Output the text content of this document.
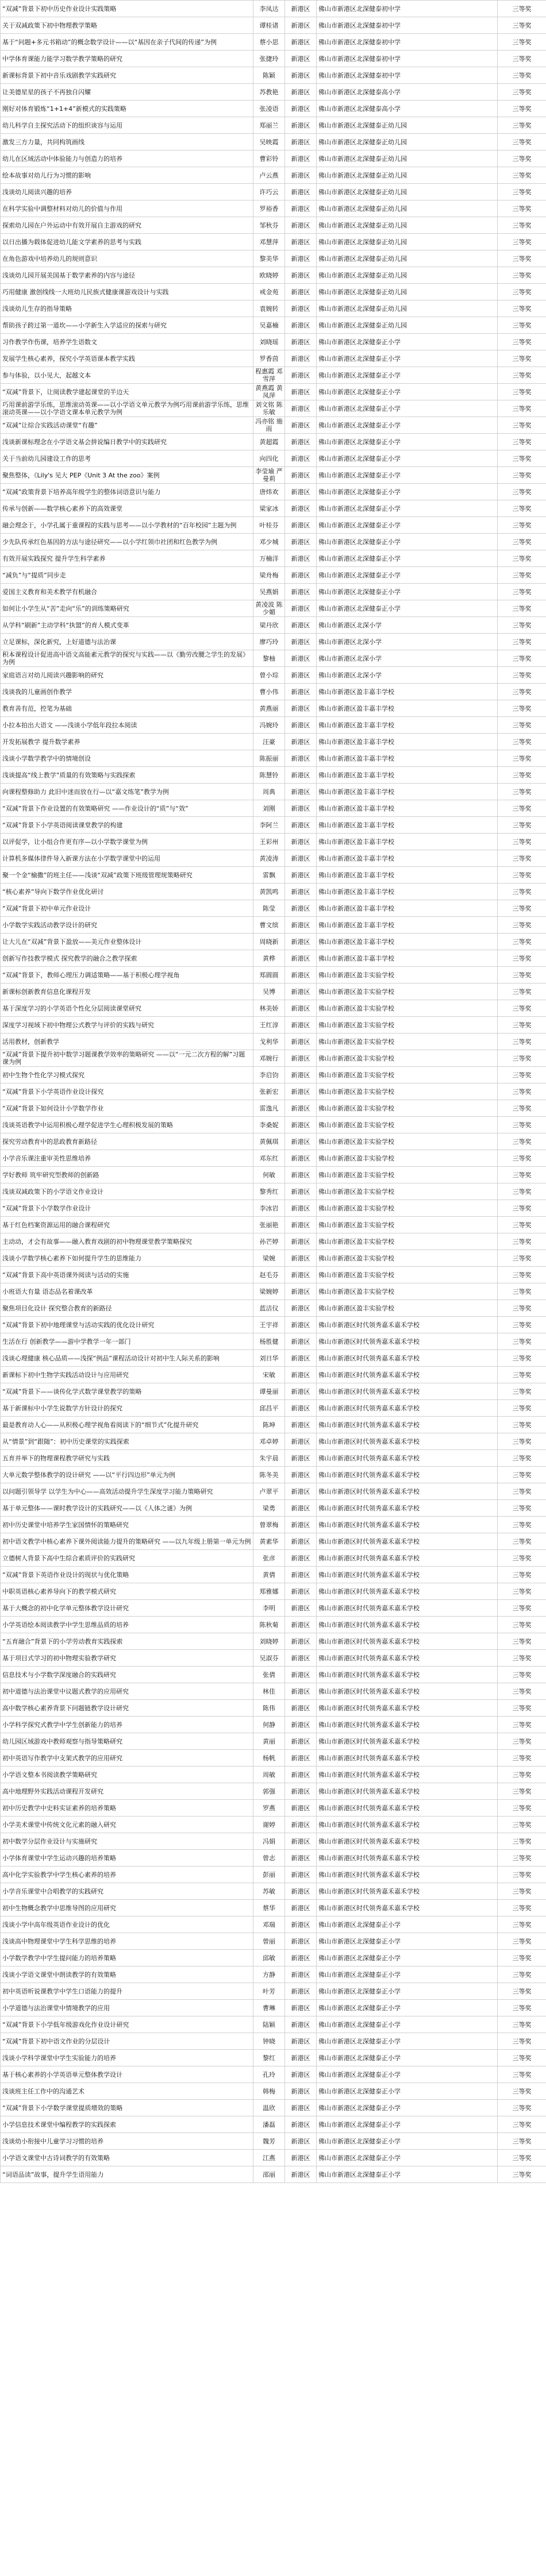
“双减”背景下初中历史作业设计实践策略	李凤达	新港区	佛山市新港区北深健泰初中学	三等奖
关于双减政策下初中物理教学策略	谭桂诸	新港区	佛山市新港区北深健泰初中学	三等奖
基于“问题+多元书箱动”的概念数学设计——以“基因在亲子代间的传递”为例	蔡小思	新港区	佛山市新港区北深健泰初中学	三等奖
中学体育课能力能学习数学教学策略的研究	张捷玲	新港区	佛山市新港区北深健泰初中学	三等奖
新课标背景下初中音乐戏剧教学实践研究	陈颖	新港区	佛山市新港区北深健泰初中学	三等奖
让美德星星的孩子不再独自闪耀	苏教艳	新港区	佛山市新港区北深健泰高小学	三等奖
刚好对体育锻炼“1+1+4”新模式的实践策略	张凌语	新港区	佛山市新港区北深健泰高小学	三等奖
幼儿科学自主探究活动下的组织谈容与运用	郑丽兰	新港区	佛山市新港区北深健泰正幼儿园	三等奖
激发三方力量，共同构筑画线	吴映霞	新港区	佛山市新港区北深健泰正幼儿园	三等奖
幼儿在区域活动中体验能力与创造力的培养	曹彩铃	新港区	佛山市新港区北深健泰正幼儿园	三等奖
绘本故事对幼儿行为习惯的影响	卢云燕	新港区	佛山市新港区北深健泰正幼儿园	三等奖
浅谈幼儿阅读兴趣的培养	许巧云	新港区	佛山市新港区北深健泰正幼儿园	三等奖
在科学实验中调整材料对幼儿的价值与作用	罗裕香	新港区	佛山市新港区北深健泰正幼儿园	三等奖
探索幼儿园在户外运动中有效开展自主游戏的研究	邹秋芬	新港区	佛山市新港区北深健泰正幼儿园	三等奖
以日出播为载体促进幼儿能文学素养的思考与实践	邓慧萍	新港区	佛山市新港区北深健泰正幼儿园	三等奖
在角色游戏中培养幼儿的规则意识	黎美华	新港区	佛山市新港区北深健泰正幼儿园	三等奖
浅谈幼儿园开展美国基于数学素养的内容与途径	欧晓婷	新港区	佛山市新港区北深健泰正幼儿园	三等奖
巧用健康 激创线线一大班幼儿民族式健康课游戏设计与实践	戒金苑	新港区	佛山市新港区北深健泰正幼儿园	三等奖
浅谈幼儿生存的指导策略	袁婉转	新港区	佛山市新港区北深健泰正幼儿园	三等奖
帮助孩子跨过第一道坎——小学新生入学适应的探索与研究	吴嘉楠	新港区	佛山市新港区北深健泰正幼儿园	三等奖
习作教学作伤课，培养学生语数文	刘晓瑶	新港区	佛山市新港区北深健泰正小学	三等奖
发展学生核心素养，探究小学英语课本教学实践	罗香茵	新港区	佛山市新港区北深健泰正小学	三等奖
参与体验，以小见大，起越文本	程惠霞 邓雪萍	新港区	佛山市新港区北深健泰正小学	三等奖
“双减”背景下，让阅读教学建起课堂的半边天	黄燕霞 黄凤萍	新港区	佛山市新港区北深健泰正小学	三等奖
巧用课前游学乐练，思维滚动英课——以小学语文单元教学为例巧用课前游学乐练，思维滚动英课——以小学语文课本单元教学为例	刘文铭 陈乐敏	新港区	佛山市新港区北深健泰正小学	三等奖
“双减”让综合实践活动课堂“有趣”	冯亦铭 施雨	新港区	佛山市新港区北深健泰正小学	三等奖
浅谈新课标理念在小学语文基会拼说编日教学中的实践研究	黄超霞	新港区	佛山市新港区北深健泰正小学	三等奖
关于当前幼儿园建设工作的思考	向四化	新港区	佛山市新港区北深健泰正小学	三等奖
聚焦整体，《Lily's 见大 PEP《Unit 3 At the zoo》案例	李莹瑜 严曼莉	新港区	佛山市新港区北深健泰正小学	三等奖
“双减”政策背景下培养高年级学生的整体词语意识与能力	唐炜欢	新港区	佛山市新港区北深健泰正小学	三等奖
传承与创新——数学核心素养下的高效课堂	梁家冰	新港区	佛山市新港区北深健泰正小学	三等奖
融会理念于，小学孔属于重课程的实践与思考——以小学教材的“百年校园”主题为例	叶桂芬	新港区	佛山市新港区北深健泰正小学	三等奖
少先队传承红色基因的方法与途径研究——以小学红领巾社团和红色教学为例	邓少城	新港区	佛山市新港区北深健泰正小学	三等奖
有效开展实践探究 提升学生科学素养	万楠洋	新港区	佛山市新港区北深健泰正小学	三等奖
“减负”与“提质”同步走	梁舟梅	新港区	佛山市新港区北深健泰正小学	三等奖
爱国主义教育和美术教学有机融合	吴燕娟	新港区	佛山市新港区北深健泰正小学	三等奖
如何让小学生从“苦”走向“乐”的训练策略研究	黄凌波 陈少媚	新港区	佛山市新港区北深健泰正小学	三等奖
从学科“刷新”主动学科“执盟”的育人模式变革	梁丹欣	新港区	佛山市新港区北深小学	三等奖
立足课标，深化新究，上好道德与法治课	廖巧玲	新港区	佛山市新港区北深小学	三等奖
积本课程设计促进高中语文高能素元教学的探究与实践——以《勤劳改腰之学生的发展》为例	黎柚	新港区	佛山市新港区北深小学	三等奖
家庭语言对幼儿阅读兴趣影响的研究	曾小琮	新港区	佛山市新港区北深小学	三等奖
浅谈我的儿童画创作教学	曹小伟	新港区	佛山市新港区盈丰嘉丰学校	三等奖
教育善有范，控笔为基础	黄燕丽	新港区	佛山市新港区盈丰嘉丰学校	三等奖
小拉本拍出大语文 ——浅谈小学低年段拉本阅读	冯婉玲	新港区	佛山市新港区盈丰嘉丰学校	三等奖
开发拓展教学 提升数学素养	汪豪	新港区	佛山市新港区盈丰嘉丰学校	三等奖
浅谈小学数学教学中的情境创设	陈振丽	新港区	佛山市新港区盈丰嘉丰学校	三等奖
浅谈提高“线上教学”质量的有效策略与实践探索	陈慧铃	新港区	佛山市新港区盈丰嘉丰学校	三等奖
向课程整修助力 此旧中迷而放在行—以“嘉文练笔”教学为例	周典	新港区	佛山市新港区盈丰嘉丰学校	三等奖
“双减”背景下作业设置的有效策略研究 ——作业设计的“质”与“效”	刘刚	新港区	佛山市新港区盈丰嘉丰学校	三等奖
“双减”背景下小学英语阅读课堂教学的构建	李阿兰	新港区	佛山市新港区盈丰嘉丰学校	三等奖
以评促学，让小组合作更有序—以小学数学课堂为例	王彩州	新港区	佛山市新港区盈丰嘉丰学校	三等奖
计算机多媒体律件导入新课方法在小学数学课堂中的运用	黄凌涛	新港区	佛山市新港区盈丰嘉丰学校	三等奖
聚一个金“榆撒”的班主任——浅谈“双减”政策下班级管理规策略研究	雷飘	新港区	佛山市新港区盈丰嘉丰学校	三等奖
“核心素养”导向下数学作业优化研讨	黄凯鸣	新港区	佛山市新港区盈丰嘉丰学校	三等奖
“双减”背景下初中单元作业设计	陈莹	新港区	佛山市新港区盈丰嘉丰学校	三等奖
小学数学实践活动教学设计的研究	曹文缤	新港区	佛山市新港区盈丰嘉丰学校	三等奖
让大儿在“双减”背景下盈放——美元作业整体设计	周晓新	新港区	佛山市新港区盈丰嘉丰学校	三等奖
创新写作技教学模式 探究教学的融合之教学探索	黄桦	新港区	佛山市新港区盈丰嘉丰学校	三等奖
“双减”背景下，教师心理压力调适策略——基于积极心理学视角	郑圆圆	新港区	佛山市新港区盈丰实验学校	三等奖
新课标创新教育信息化课程开发	吴博	新港区	佛山市新港区盈丰实验学校	三等奖
基于深度学习的小学英语个性化分层阅读课堂研究	林美娇	新港区	佛山市新港区盈丰实验学校	三等奖
深度学习视域下初中物理公式教学与评价的实践与研究	王红淳	新港区	佛山市新港区盈丰实验学校	三等奖
活用教材，创新教学	戈利华	新港区	佛山市新港区盈丰实验学校	三等奖
“双减”背景下提升初中数学习题课教学效率的策略研究 ——以“一元二次方程的解”习题课为例	邓婉行	新港区	佛山市新港区盈丰实验学校	三等奖
初中生物个性化学习模式探究	李启钧	新港区	佛山市新港区盈丰实验学校	三等奖
“双减”背景下小学英语作业设计探究	张新宏	新港区	佛山市新港区盈丰实验学校	三等奖
“双减”背景下如何设计小学数学作业	雷逸凡	新港区	佛山市新港区盈丰实验学校	三等奖
浅谈英语教学中运用积极心理学促进学生心理积极发展的策略	李桑妮	新港区	佛山市新港区盈丰实验学校	三等奖
探究劳动教育中的思政教育新路径	黄佩琪	新港区	佛山市新港区盈丰实验学校	三等奖
小学音乐课注重审美性思维培养	邓东红	新港区	佛山市新港区盈丰实验学校	三等奖
学好教师 筑牢研究型教师的创新路	何敏	新港区	佛山市新港区盈丰实验学校	三等奖
浅谈双减政策下的小学语文作业设计	黎秀红	新港区	佛山市新港区盈丰实验学校	三等奖
“双减”背景下小学数学作业设计	李冰岩	新港区	佛山市新港区盈丰实验学校	三等奖
基于红色档案资源运用的融合课程研究	张丽艳	新港区	佛山市新港区盈丰实验学校	三等奖
主动动，才会有故事——融入教育戏剧的初中物理课堂教学策略探究	孙芒婷	新港区	佛山市新港区盈丰实验学校	三等奖
浅谈小学数学核心素养下如何提升学生的思维能力	梁婉	新港区	佛山市新港区盈丰实验学校	三等奖
“双减”背景下高中英语课外阅读与活动的实施	赵毛芬	新港区	佛山市新港区盈丰实验学校	三等奖
小班语大有量 语态品名着课改革	梁婉婷	新港区	佛山市新港区盈丰实验学校	三等奖
聚焦项目化设计 探究整合教育的新路径	蓝洁仪	新港区	佛山市新港区盈丰实验学校	三等奖
“双减”背景下初中地理课堂与活动实践的优化设计研究	王宇祥	新港区	佛山市新港区时代领秀嘉禾嘉禾学校	三等奖
生活在行 创新教学——游中学教学一年一部门	杨胜健	新港区	佛山市新港区时代领秀嘉禾嘉禾学校	三等奖
浅谈心理健康 核心品质——浅探“例品”课程活动设计对初中生人际关系的影响	刘日华	新港区	佛山市新港区时代领秀嘉禾嘉禾学校	三等奖
新课标下初中生物学实践活动设计与应用研究	宋敏	新港区	佛山市新港区时代领秀嘉禾嘉禾学校	三等奖
“双减”背景下——谈传化学式数学课堂教学的策略	谭曼丽	新港区	佛山市新港区时代领秀嘉禾嘉禾学校	三等奖
基于新课标中小学生说数学方针设计的探究	邱昌平	新港区	佛山市新港区时代领秀嘉禾嘉禾学校	三等奖
最是教育动人心——从积极心理学视角看阅读下的“细节式”化提升研究	陈坤	新港区	佛山市新港区时代领秀嘉禾嘉禾学校	三等奖
从“情景”到“跟随”：初中历史课堂的实践探索	邓卓婷	新港区	佛山市新港区时代领秀嘉禾嘉禾学校	三等奖
五育并举下的物理课程教学研究与实践	朱宇晨	新港区	佛山市新港区时代领秀嘉禾嘉禾学校	三等奖
大单元数学整体教学的设计研究 ——以“平行四边形”单元为例	陈冬美	新港区	佛山市新港区时代领秀嘉禾嘉禾学校	三等奖
以问题引领导学 以学生为中心——高效活动提升学生深度学习能力策略研究	卢翠平	新港区	佛山市新港区时代领秀嘉禾嘉禾学校	三等奖
基于单元整体——课时教学设计的实践研究——以《人体之谜》为例	梁勇	新港区	佛山市新港区时代领秀嘉禾嘉禾学校	三等奖
初中历史课堂中培养学生家国情怀的策略研究	曾翠梅	新港区	佛山市新港区时代领秀嘉禾嘉禾学校	三等奖
初中语文教学中核心素养下课外阅读能力提升的策略研究 ——以九年级上册第一单元为例	黄素华	新港区	佛山市新港区时代领秀嘉禾嘉禾学校	三等奖
立德树人背景下高中生综合素质评价的实践研究	张彦	新港区	佛山市新港区时代领秀嘉禾嘉禾学校	三等奖
“双减”背景下英语作业设计的现状与优化策略	黄倩	新港区	佛山市新港区时代领秀嘉禾嘉禾学校	三等奖
中职英语核心素养导向下的教学模式研究	郑雅娜	新港区	佛山市新港区时代领秀嘉禾嘉禾学校	三等奖
基于大概念的初中化学单元整体教学设计研究	李明	新港区	佛山市新港区时代领秀嘉禾嘉禾学校	三等奖
小学英语绘本阅读教学中学生思维品质的培养	陈秋菊	新港区	佛山市新港区时代领秀嘉禾嘉禾学校	三等奖
“五育融合”背景下的小学劳动教育实践探索	刘晓婷	新港区	佛山市新港区时代领秀嘉禾嘉禾学校	三等奖
基于项目式学习的初中物理实验教学研究	吴淑芬	新港区	佛山市新港区时代领秀嘉禾嘉禾学校	三等奖
信息技术与小学数学深度融合的实践研究	张倩	新港区	佛山市新港区时代领秀嘉禾嘉禾学校	三等奖
初中道德与法治课堂中议题式教学的应用研究	林佳	新港区	佛山市新港区时代领秀嘉禾嘉禾学校	三等奖
高中数学核心素养背景下问题链教学设计研究	陈伟	新港区	佛山市新港区时代领秀嘉禾嘉禾学校	三等奖
小学科学探究式教学中学生创新能力的培养	何静	新港区	佛山市新港区时代领秀嘉禾嘉禾学校	三等奖
幼儿园区域游戏中教师观察与指导策略研究	黄丽	新港区	佛山市新港区时代领秀嘉禾嘉禾学校	三等奖
初中英语写作教学中支架式教学的应用研究	杨帆	新港区	佛山市新港区时代领秀嘉禾嘉禾学校	三等奖
小学语文整本书阅读教学策略研究	周敏	新港区	佛山市新港区时代领秀嘉禾嘉禾学校	三等奖
高中地理野外实践活动课程开发研究	郭强	新港区	佛山市新港区时代领秀嘉禾嘉禾学校	三等奖
初中历史教学中史料实证素养的培养策略	罗燕	新港区	佛山市新港区时代领秀嘉禾嘉禾学校	三等奖
小学美术课堂中传统文化元素的融入研究	谢婷	新港区	佛山市新港区时代领秀嘉禾嘉禾学校	三等奖
初中数学分层作业设计与实施研究	冯娟	新港区	佛山市新港区时代领秀嘉禾嘉禾学校	三等奖
小学体育课堂中学生运动兴趣的培养策略	曾志	新港区	佛山市新港区时代领秀嘉禾嘉禾学校	三等奖
高中化学实验教学中学生核心素养的培养	彭丽	新港区	佛山市新港区时代领秀嘉禾嘉禾学校	三等奖
小学音乐课堂中合唱教学的实践研究	苏敏	新港区	佛山市新港区时代领秀嘉禾嘉禾学校	三等奖
初中生物概念教学中思维导图的应用研究	蔡华	新港区	佛山市新港区时代领秀嘉禾嘉禾学校	三等奖
浅谈小学中高年级英语作业设计的优化	邓瑞	新港区	佛山市新港区北深健泰正小学	三等奖
浅谈高中物理课堂中学生科学思维的培养	曾丽	新港区	佛山市新港区北深健泰正小学	三等奖
小学数学教学中学生提问能力的培养策略	邱敏	新港区	佛山市新港区北深健泰正小学	三等奖
浅谈小学语文课堂中朗读教学的有效策略	方静	新港区	佛山市新港区北深健泰正小学	三等奖
初中英语听说课教学中学生口语能力的提升	叶芳	新港区	佛山市新港区北深健泰正小学	三等奖
小学道德与法治课堂中情境教学的应用	曹琳	新港区	佛山市新港区北深健泰正小学	三等奖
“双减”背景下小学低年级游戏化作业设计研究	陆颖	新港区	佛山市新港区北深健泰正小学	三等奖
“双减”背景下初中语文作业的分层设计	钟晓	新港区	佛山市新港区北深健泰正小学	三等奖
浅谈小学科学课堂中学生实验能力的培养	黎红	新港区	佛山市新港区北深健泰正小学	三等奖
基于核心素养的小学英语单元整体教学设计	孔玲	新港区	佛山市新港区北深健泰正小学	三等奖
浅谈班主任工作中的沟通艺术	韩梅	新港区	佛山市新港区北深健泰正小学	三等奖
“双减”背景下小学数学课堂提质增效的策略	温欣	新港区	佛山市新港区北深健泰正小学	三等奖
小学信息技术课堂中编程教学的实践探索	潘磊	新港区	佛山市新港区北深健泰正小学	三等奖
浅谈幼小衔接中儿童学习习惯的培养	魏芳	新港区	佛山市新港区北深健泰正小学	三等奖
小学语文课堂中古诗词教学的有效策略	江燕	新港区	佛山市新港区北深健泰正小学	三等奖
“词语品读”故事，提升学生语用能力	邵丽	新港区	佛山市新港区北深健泰正小学	三等奖
